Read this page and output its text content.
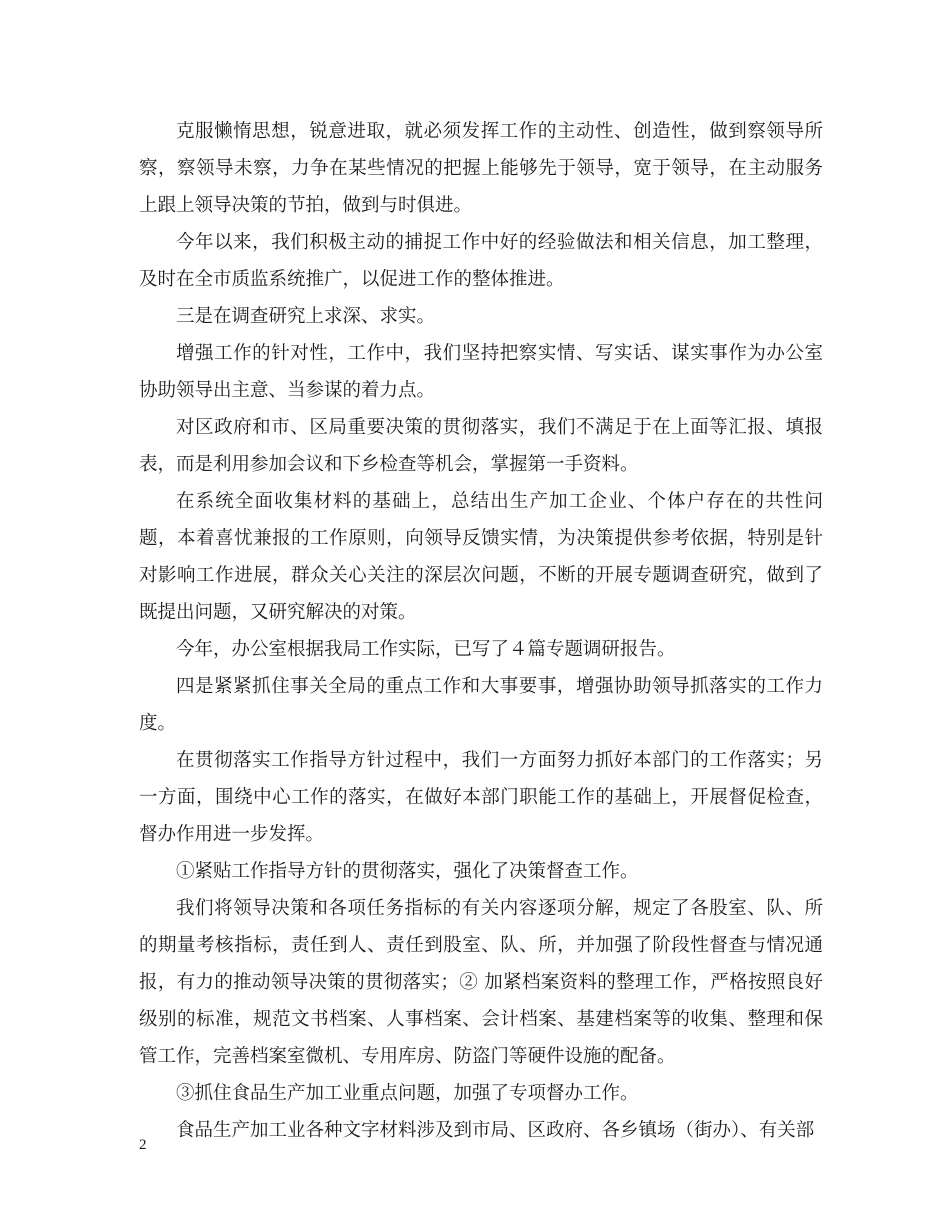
克服懒惰思想，锐意进取，就必须发挥工作的主动性、创造性，做到察领导所察，察领导未察，力争在某些情况的把握上能够先于领导，宽于领导，在主动服务上跟上领导决策的节拍，做到与时俱进。

今年以来，我们积极主动的捕捉工作中好的经验做法和相关信息，加工整理，及时在全市质监系统推广，以促进工作的整体推进。

三是在调查研究上求深、求实。

增强工作的针对性，工作中，我们坚持把察实情、写实话、谋实事作为办公室协助领导出主意、当参谋的着力点。

对区政府和市、区局重要决策的贯彻落实，我们不满足于在上面等汇报、填报表，而是利用参加会议和下乡检查等机会，掌握第一手资料。

在系统全面收集材料的基础上，总结出生产加工企业、个体户存在的共性问题，本着喜忧兼报的工作原则，向领导反馈实情，为决策提供参考依据，特别是针对影响工作进展，群众关心关注的深层次问题，不断的开展专题调查研究，做到了既提出问题，又研究解决的对策。

今年，办公室根据我局工作实际，已写了４篇专题调研报告。

四是紧紧抓住事关全局的重点工作和大事要事，增强协助领导抓落实的工作力度。

在贯彻落实工作指导方针过程中，我们一方面努力抓好本部门的工作落实；另一方面，围绕中心工作的落实，在做好本部门职能工作的基础上，开展督促检查，督办作用进一步发挥。

①紧贴工作指导方针的贯彻落实，强化了决策督查工作。

我们将领导决策和各项任务指标的有关内容逐项分解，规定了各股室、队、所的期量考核指标，责任到人、责任到股室、队、所，并加强了阶段性督查与情况通报，有力的推动领导决策的贯彻落实；② 加紧档案资料的整理工作，严格按照良好级别的标准，规范文书档案、人事档案、会计档案、基建档案等的收集、整理和保管工作，完善档案室微机、专用库房、防盗门等硬件设施的配备。

③抓住食品生产加工业重点问题，加强了专项督办工作。

食品生产加工业各种文字材料涉及到市局、区政府、各乡镇场（街办）、有关部

2
